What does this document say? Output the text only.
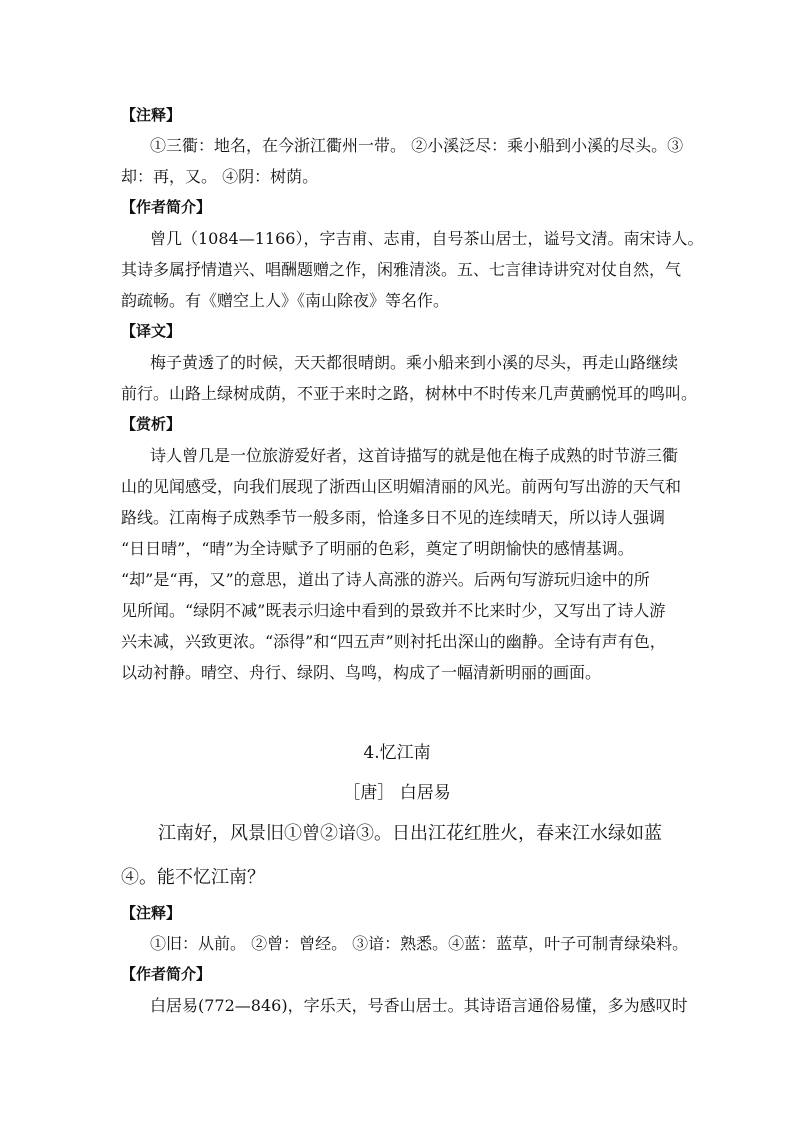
【注释】
①三衢：地名，在今浙江衢州一带。 ②小溪泛尽：乘小船到小溪的尽头。③
却：再，又。 ④阴：树荫。
【作者简介】
曾几（1084—1166），字吉甫、志甫，自号茶山居士，谥号文清。南宋诗人。
其诗多属抒情遣兴、唱酬题赠之作，闲雅清淡。五、七言律诗讲究对仗自然，气
韵疏畅。有《赠空上人》《南山除夜》等名作。
【译文】
梅子黄透了的时候，天天都很晴朗。乘小船来到小溪的尽头，再走山路继续
前行。山路上绿树成荫，不亚于来时之路，树林中不时传来几声黄鹂悦耳的鸣叫。
【赏析】
诗人曾几是一位旅游爱好者，这首诗描写的就是他在梅子成熟的时节游三衢
山的见闻感受，向我们展现了浙西山区明媚清丽的风光。前两句写出游的天气和
路线。江南梅子成熟季节一般多雨，恰逢多日不见的连续晴天，所以诗人强调
“日日晴”，“晴”为全诗赋予了明丽的色彩，奠定了明朗愉快的感情基调。
“却”是“再，又”的意思，道出了诗人高涨的游兴。后两句写游玩归途中的所
见所闻。“绿阴不减”既表示归途中看到的景致并不比来时少，又写出了诗人游
兴未减，兴致更浓。“添得”和“四五声”则衬托出深山的幽静。全诗有声有色，
以动衬静。晴空、舟行、绿阴、鸟鸣，构成了一幅清新明丽的画面。
4.忆江南
［唐］ 白居易
江南好，风景旧①曾②谙③。日出江花红胜火，春来江水绿如蓝
④。能不忆江南？
【注释】
①旧：从前。 ②曾：曾经。 ③谙：熟悉。④蓝：蓝草，叶子可制青绿染料。
【作者简介】
白居易(772—846)，字乐天，号香山居士。其诗语言通俗易懂，多为感叹时
